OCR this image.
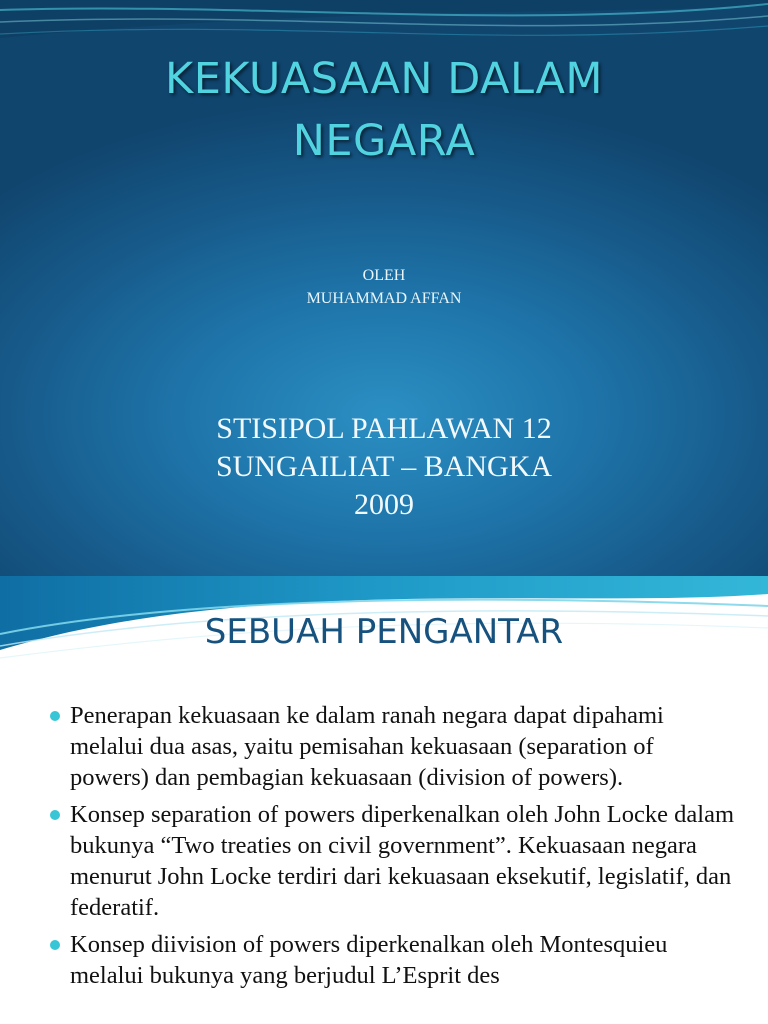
KEKUASAAN DALAM
NEGARA
OLEH
MUHAMMAD AFFAN
STISIPOL PAHLAWAN 12
SUNGAILIAT – BANGKA
2009
SEBUAH PENGANTAR
Penerapan kekuasaan ke dalam ranah negara dapat dipahami melalui dua asas, yaitu pemisahan kekuasaan (separation of powers) dan pembagian kekuasaan (division of powers).
Konsep separation of powers diperkenalkan oleh John Locke dalam bukunya “Two treaties on civil government”. Kekuasaan negara menurut John Locke terdiri dari kekuasaan eksekutif, legislatif, dan federatif.
Konsep diivision of powers diperkenalkan oleh Montesquieu melalui bukunya yang berjudul L’Esprit des
